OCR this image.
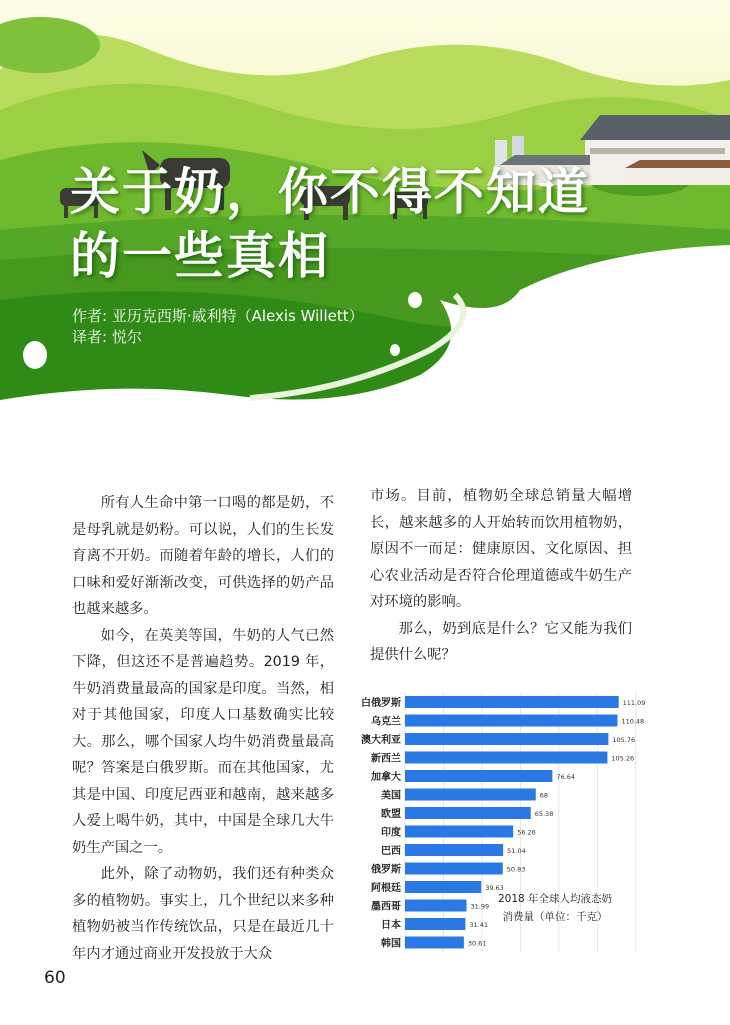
关于奶，你不得不知道
的一些真相
作者: 亚历克西斯·威利特（Alexis Willett）
译者: 悦尔

所有人生命中第一口喝的都是奶，不是母乳就是奶粉。可以说，人们的生长发育离不开奶。而随着年龄的增长，人们的口味和爱好渐渐改变，可供选择的奶产品也越来越多。

如今，在英美等国，牛奶的人气已然下降，但这还不是普遍趋势。2019 年，牛奶消费量最高的国家是印度。当然，相对于其他国家，印度人口基数确实比较大。那么，哪个国家人均牛奶消费量最高呢？答案是白俄罗斯。而在其他国家，尤其是中国、印度尼西亚和越南，越来越多人爱上喝牛奶，其中，中国是全球几大牛奶生产国之一。

此外，除了动物奶，我们还有种类众多的植物奶。事实上，几个世纪以来多种植物奶被当作传统饮品，只是在最近几十年内才通过商业开发投放于大众

市场。目前，植物奶全球总销量大幅增长，越来越多的人开始转而饮用植物奶，原因不一而足：健康原因、文化原因、担心农业活动是否符合伦理道德或牛奶生产对环境的影响。

那么，奶到底是什么？它又能为我们提供什么呢？

白俄罗斯
乌克兰
澳大利亚
新西兰
加拿大
美国
欧盟
印度
巴西
俄罗斯
阿根廷
墨西哥
日本
韩国
111.09
110.48
105.76
105.26
76.64
68
65.38
56.26
51.04
50.83
39.63
31.99
31.41
30.61
2018 年全球人均液态奶
消费量（单位：千克）
60
